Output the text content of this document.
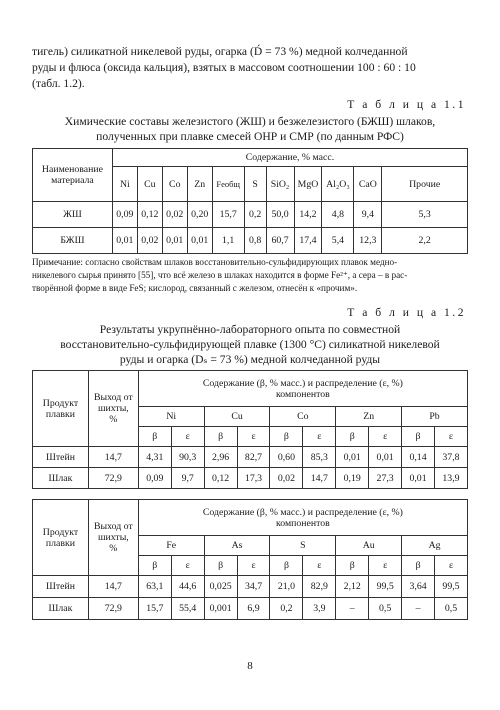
тигель) силикатной никелевой руды, огарка (D́ = 73 %) медной колчеданной
руды и флюса (оксида кальция), взятых в массовом соотношении 100 : 60 : 10
(табл. 1.2).
Т а б л и ц а 1.1
Химические составы железистого (ЖШ) и безжелезистого (БЖШ) шлаков,
полученных при плавке смесей ОНР и СМР (по данным РФС)
Наименование материала	Содержание, % масс.										
	Ni	Cu	Co	Zn	Feобщ	S	SiO₂	MgO	Al₂O₃	CaO	Прочие
ЖШ	0,09	0,12	0,02	0,20	15,7	0,2	50,0	14,2	4,8	9,4	5,3
БЖШ	0,01	0,02	0,01	0,01	1,1	0,8	60,7	17,4	5,4	12,3	2,2
Примечание: согласно свойствам шлаков восстановительно-сульфидирующих плавок медно-
никелевого сырья принято [55], что всё железо в шлаках находится в форме Fe²⁺, а сера – в рас-
творённой форме в виде FeS; кислород, связанный с железом, отнесён к «прочим».
Т а б л и ц а 1.2
Результаты укрупнённо-лабораторного опыта по совместной
восстановительно-сульфидирующей плавке (1300 °C) силикатной никелевой
руды и огарка (Dₛ = 73 %) медной колчеданной руды
Продукт плавки	Выход от шихты, %	Содержание (β, % масс.) и распределение (ε, %) компонентов									
		Ni		Cu		Co		Zn		Pb	
		β	ε	β	ε	β	ε	β	ε	β	ε
Штейн	14,7	4,31	90,3	2,96	82,7	0,60	85,3	0,01	0,01	0,14	37,8
Шлак	72,9	0,09	9,7	0,12	17,3	0,02	14,7	0,19	27,3	0,01	13,9
Продукт плавки	Выход от шихты, %	Содержание (β, % масс.) и распределение (ε, %) компонентов									
		Fe		As		S		Au		Ag	
		β	ε	β	ε	β	ε	β	ε	β	ε
Штейн	14,7	63,1	44,6	0,025	34,7	21,0	82,9	2,12	99,5	3,64	99,5
Шлак	72,9	15,7	55,4	0,001	6,9	0,2	3,9	–	0,5	–	0,5
8
